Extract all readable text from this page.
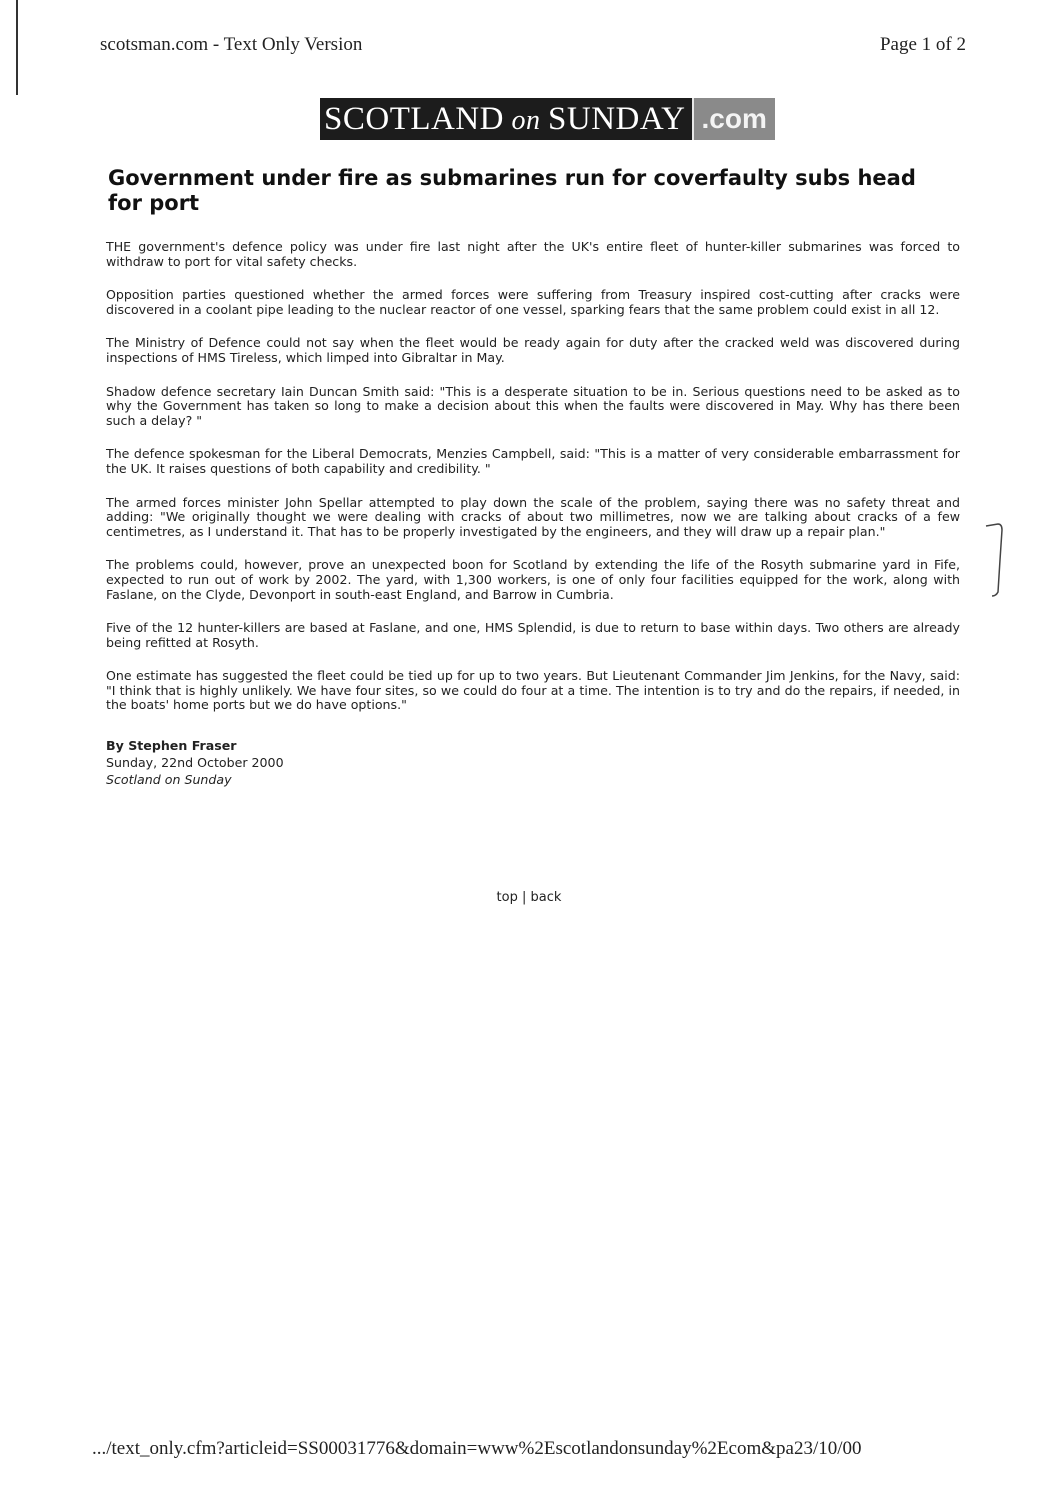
scotsman.com - Text Only Version	Page 1 of 2
SCOTLAND on SUNDAY .com
Government under fire as submarines run for coverfaulty subs head for port

THE government's defence policy was under fire last night after the UK's entire fleet of hunter-killer submarines was forced to withdraw to port for vital safety checks.

Opposition parties questioned whether the armed forces were suffering from Treasury inspired cost-cutting after cracks were discovered in a coolant pipe leading to the nuclear reactor of one vessel, sparking fears that the same problem could exist in all 12.

The Ministry of Defence could not say when the fleet would be ready again for duty after the cracked weld was discovered during inspections of HMS Tireless, which limped into Gibraltar in May.

Shadow defence secretary Iain Duncan Smith said: "This is a desperate situation to be in. Serious questions need to be asked as to why the Government has taken so long to make a decision about this when the faults were discovered in May. Why has there been such a delay? "

The defence spokesman for the Liberal Democrats, Menzies Campbell, said: "This is a matter of very considerable embarrassment for the UK. It raises questions of both capability and credibility. "

The armed forces minister John Spellar attempted to play down the scale of the problem, saying there was no safety threat and adding: "We originally thought we were dealing with cracks of about two millimetres, now we are talking about cracks of a few centimetres, as I understand it. That has to be properly investigated by the engineers, and they will draw up a repair plan."

The problems could, however, prove an unexpected boon for Scotland by extending the life of the Rosyth submarine yard in Fife, expected to run out of work by 2002. The yard, with 1,300 workers, is one of only four facilities equipped for the work, along with Faslane, on the Clyde, Devonport in south-east England, and Barrow in Cumbria.

Five of the 12 hunter-killers are based at Faslane, and one, HMS Splendid, is due to return to base within days. Two others are already being refitted at Rosyth.

One estimate has suggested the fleet could be tied up for up to two years. But Lieutenant Commander Jim Jenkins, for the Navy, said: "I think that is highly unlikely. We have four sites, so we could do four at a time. The intention is to try and do the repairs, if needed, in the boats' home ports but we do have options."

By Stephen Fraser
Sunday, 22nd October 2000
Scotland on Sunday
top | back
.../text_only.cfm?articleid=SS00031776&domain=www%2Escotlandonsunday%2Ecom&pa23/10/00
